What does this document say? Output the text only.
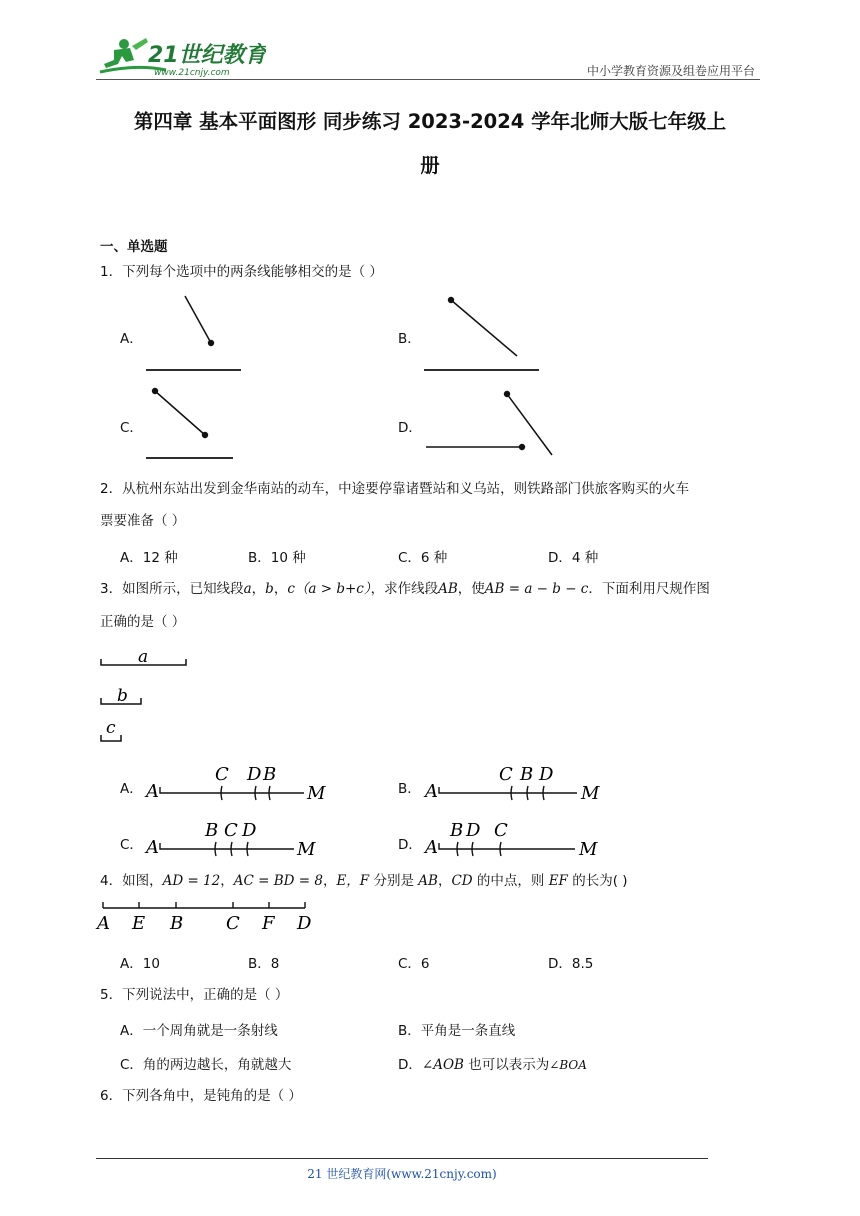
21世纪教育
www.21cnjy.com	中小学教育资源及组卷应用平台
第四章 基本平面图形 同步练习 2023-2024 学年北师大版七年级上
册
一、单选题
1．下列每个选项中的两条线能够相交的是（ ）
A．	B．
C．	D．
2．从杭州东站出发到金华南站的动车，中途要停靠诸暨站和义乌站，则铁路部门供旅客购买的火车
票要准备（ ）
A．12 种	B．10 种	C．6 种	D．4 种
3．如图所示，已知线段a，b，c（a > b+c），求作线段AB，使AB = a − b − c．下面利用尺规作图
正确的是（ ）
a
b
c
A．	B．
C．	D．
A	M
C D B
A	M
C B D
A	M
B C D
A	M
B D C
4．如图，AD = 12，AC = BD = 8，E，F 分别是 AB，CD 的中点，则 EF 的长为( )
A E B C F D
A．10	B．8	C．6	D．8.5
5．下列说法中，正确的是（ ）
A．一个周角就是一条射线	B．平角是一条直线
C．角的两边越长，角就越大	D．∠AOB 也可以表示为∠BOA
6．下列各角中，是钝角的是（ ）
21 世纪教育网(www.21cnjy.com)
